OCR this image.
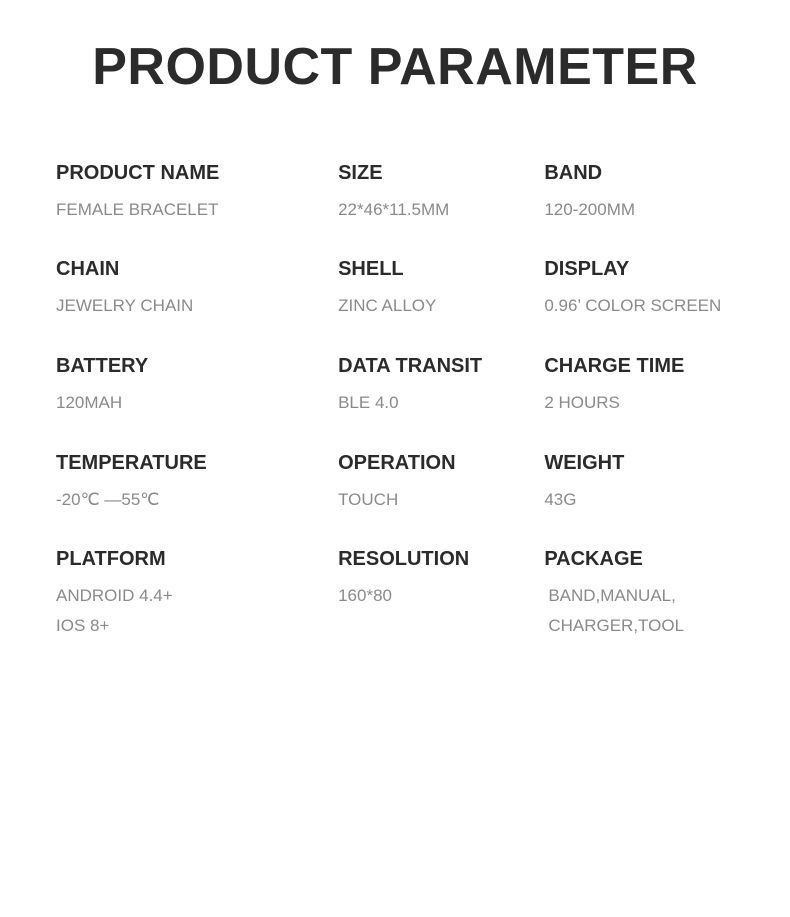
PRODUCT PARAMETER
PRODUCT NAME
FEMALE BRACELET
SIZE
22*46*11.5MM
BAND
120-200MM
CHAIN
JEWELRY CHAIN
SHELL
ZINC ALLOY
DISPLAY
0.96’ COLOR SCREEN
BATTERY
120MAH
DATA TRANSIT
BLE 4.0
CHARGE TIME
2 HOURS
TEMPERATURE
-20℃ —55℃
OPERATION
TOUCH
WEIGHT
43G
PLATFORM
ANDROID 4.4+
IOS 8+
RESOLUTION
160*80
PACKAGE
BAND,MANUAL,
CHARGER,TOOL
